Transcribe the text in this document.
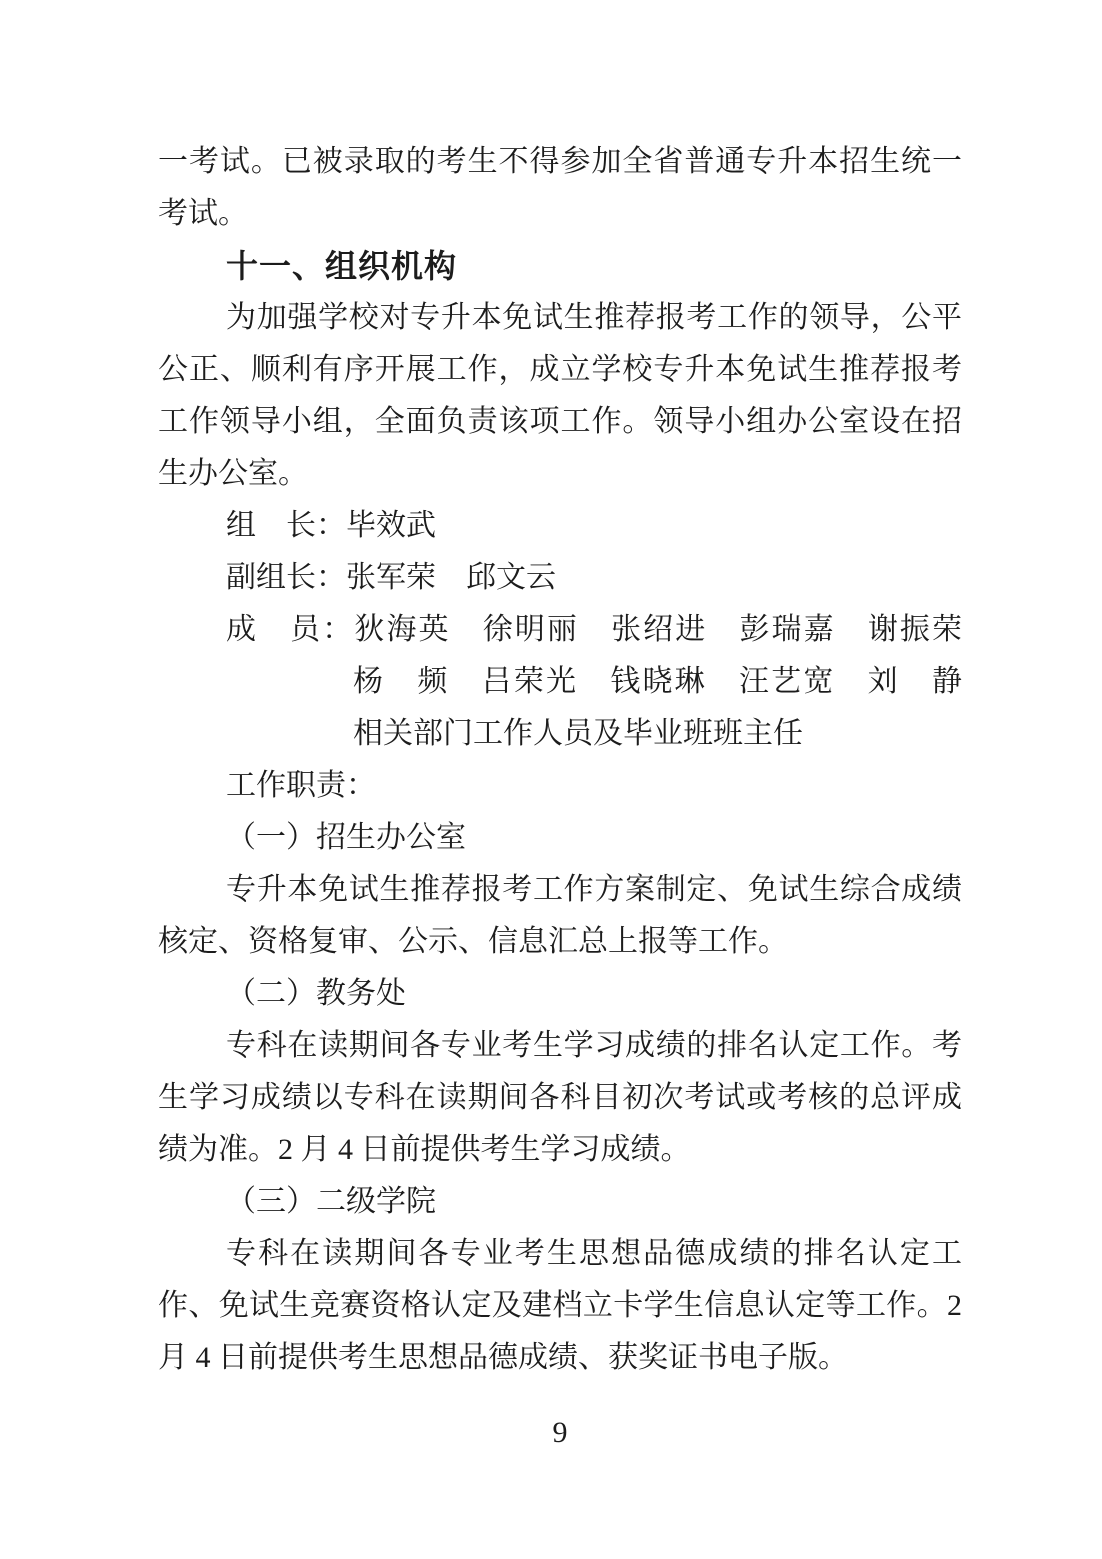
一考试。已被录取的考生不得参加全省普通专升本招生统一
考试。
十一、组织机构
为加强学校对专升本免试生推荐报考工作的领导，公平
公正、顺利有序开展工作，成立学校专升本免试生推荐报考
工作领导小组，全面负责该项工作。领导小组办公室设在招
生办公室。
组　长：毕效武
副组长：张军荣　邱文云
成　员：狄海英　徐明丽　张绍进　彭瑞嘉　谢振荣
杨　频　吕荣光　钱晓琳　汪艺宽　刘　静
相关部门工作人员及毕业班班主任
工作职责：
（一）招生办公室
专升本免试生推荐报考工作方案制定、免试生综合成绩
核定、资格复审、公示、信息汇总上报等工作。
（二）教务处
专科在读期间各专业考生学习成绩的排名认定工作。考
生学习成绩以专科在读期间各科目初次考试或考核的总评成
绩为准。2 月 4 日前提供考生学习成绩。
（三）二级学院
专科在读期间各专业考生思想品德成绩的排名认定工
作、免试生竞赛资格认定及建档立卡学生信息认定等工作。2
月 4 日前提供考生思想品德成绩、获奖证书电子版。
9
